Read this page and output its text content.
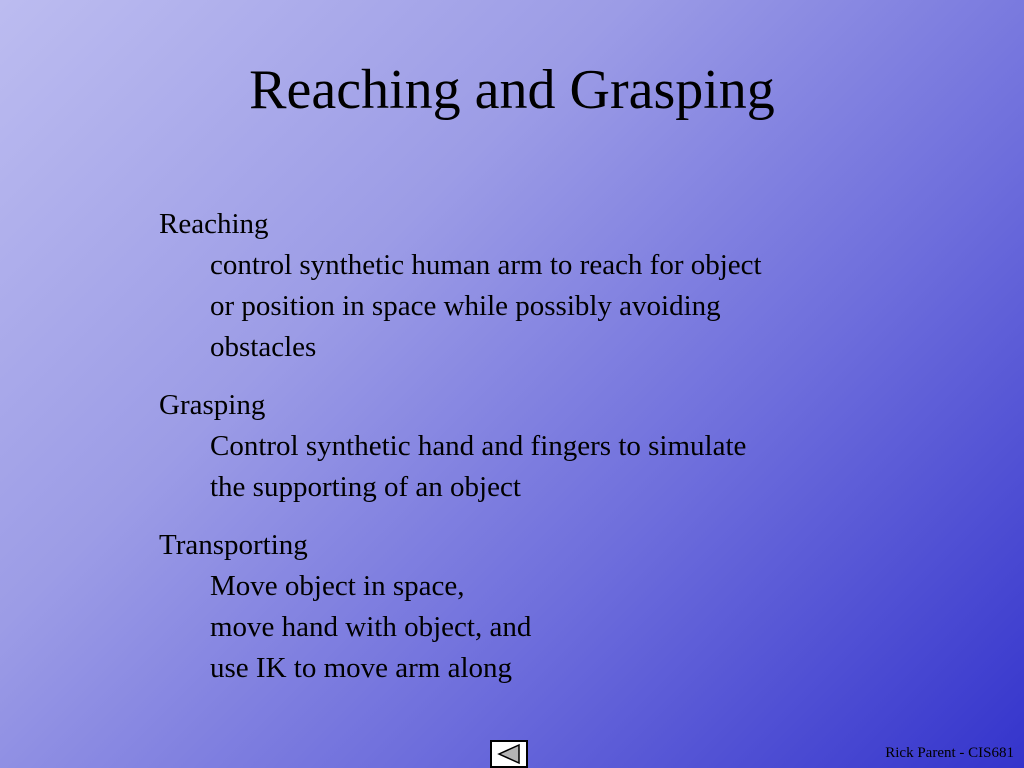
Reaching and Grasping
Reaching
control synthetic human arm to reach for object
or position in space while possibly avoiding
obstacles
Grasping
Control synthetic hand and fingers to simulate
the supporting of an object
Transporting
Move object in space,
move hand with object, and
use IK to move arm along
Rick Parent - CIS681
